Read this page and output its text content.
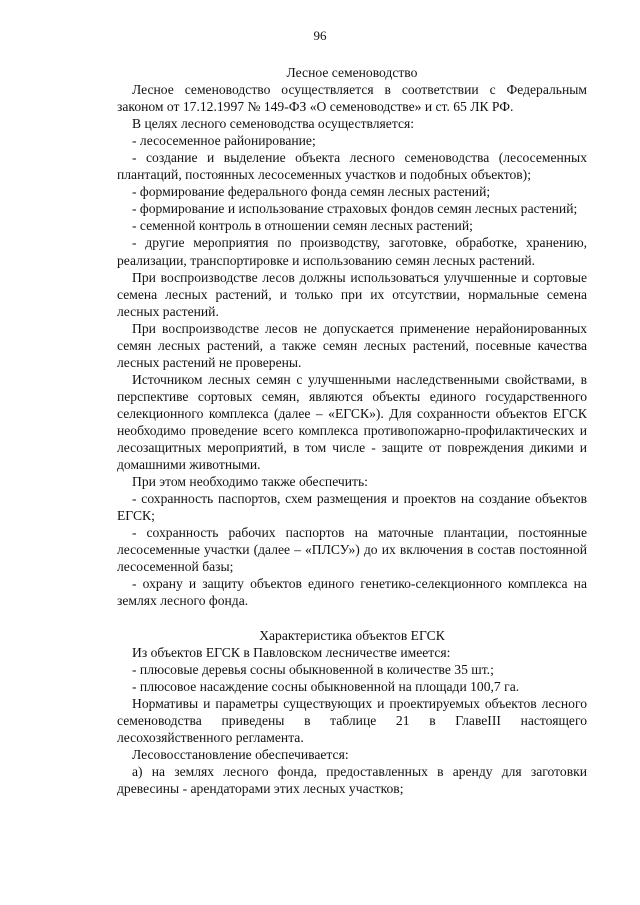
96

Лесное семеноводство

Лесное семеноводство осуществляется в соответствии с Федеральным законом от 17.12.1997 № 149-ФЗ «О семеноводстве» и ст. 65 ЛК РФ.

В целях лесного семеноводства осуществляется:

- лесосеменное районирование;

- создание и выделение объекта лесного семеноводства (лесосеменных плантаций, постоянных лесосеменных участков и подобных объектов);

- формирование федерального фонда семян лесных растений;

- формирование и использование страховых фондов семян лесных растений;

- семенной контроль в отношении семян лесных растений;

- другие мероприятия по производству, заготовке, обработке, хранению, реализации, транспортировке и использованию семян лесных растений.

При воспроизводстве лесов должны использоваться улучшенные и сортовые семена лесных растений, и только при их отсутствии, нормальные семена лесных растений.

При воспроизводстве лесов не допускается применение нерайонированных семян лесных растений, а также семян лесных растений, посевные качества лесных растений не проверены.

Источником лесных семян с улучшенными наследственными свойствами, в перспективе сортовых семян, являются объекты единого государственного селекционного комплекса (далее – «ЕГСК»). Для сохранности объектов ЕГСК необходимо проведение всего комплекса противопожарно-профилактических и лесозащитных мероприятий, в том числе - защите от повреждения дикими и домашними животными.

При этом необходимо также обеспечить:

- сохранность паспортов, схем размещения и проектов на создание объектов ЕГСК;

- сохранность рабочих паспортов на маточные плантации, постоянные лесосеменные участки (далее – «ПЛСУ») до их включения в состав постоянной лесосеменной базы;

- охрану и защиту объектов единого генетико-селекционного комплекса на землях лесного фонда.

Характеристика объектов ЕГСК

Из объектов ЕГСК в Павловском лесничестве имеется:

- плюсовые деревья сосны обыкновенной в количестве 35 шт.;

- плюсовое насаждение сосны обыкновенной на площади 100,7 га.

Нормативы и параметры существующих и проектируемых объектов лесного семеноводства приведены в таблице 21 в ГлавеIII настоящего лесохозяйственного регламента.

Лесовосстановление обеспечивается:

а) на землях лесного фонда, предоставленных в аренду для заготовки древесины - арендаторами этих лесных участков;
